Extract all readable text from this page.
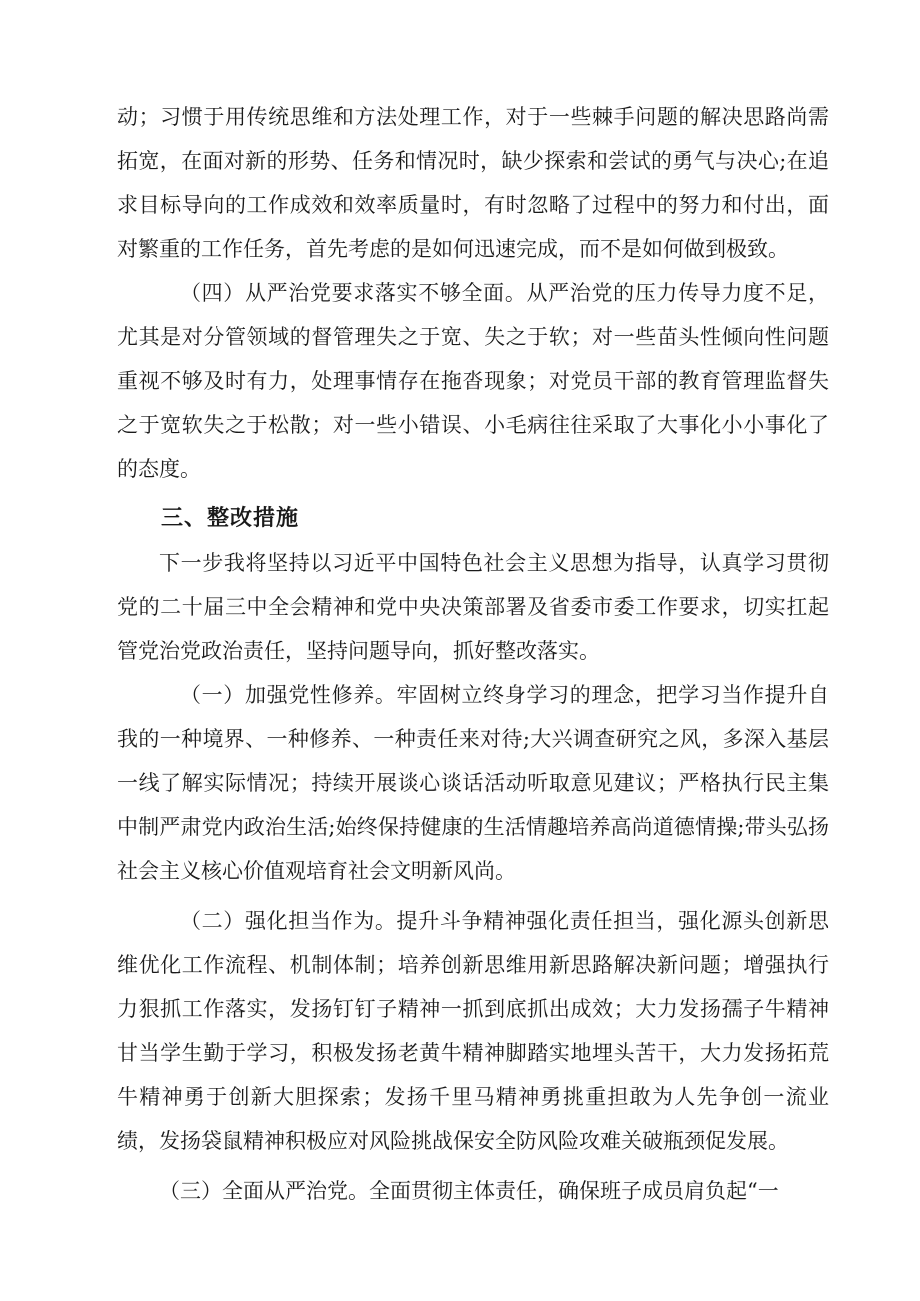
动；习惯于用传统思维和方法处理工作，对于一些棘手问题的解决思路尚需拓宽，在面对新的形势、任务和情况时，缺少探索和尝试的勇气与决心;在追求目标导向的工作成效和效率质量时，有时忽略了过程中的努力和付出，面对繁重的工作任务，首先考虑的是如何迅速完成，而不是如何做到极致。

（四）从严治党要求落实不够全面。从严治党的压力传导力度不足，尤其是对分管领域的督管理失之于宽、失之于软；对一些苗头性倾向性问题重视不够及时有力，处理事情存在拖沓现象；对党员干部的教育管理监督失之于宽软失之于松散；对一些小错误、小毛病往往采取了大事化小小事化了的态度。

三、整改措施

下一步我将坚持以习近平中国特色社会主义思想为指导，认真学习贯彻党的二十届三中全会精神和党中央决策部署及省委市委工作要求，切实扛起管党治党政治责任，坚持问题导向，抓好整改落实。

（一）加强党性修养。牢固树立终身学习的理念，把学习当作提升自我的一种境界、一种修养、一种责任来对待;大兴调查研究之风，多深入基层一线了解实际情况；持续开展谈心谈话活动听取意见建议；严格执行民主集中制严肃党内政治生活;始终保持健康的生活情趣培养高尚道德情操;带头弘扬社会主义核心价值观培育社会文明新风尚。

（二）强化担当作为。提升斗争精神强化责任担当，强化源头创新思维优化工作流程、机制体制；培养创新思维用新思路解决新问题；增强执行力狠抓工作落实，发扬钉钉子精神一抓到底抓出成效；大力发扬孺子牛精神甘当学生勤于学习，积极发扬老黄牛精神脚踏实地埋头苦干，大力发扬拓荒牛精神勇于创新大胆探索；发扬千里马精神勇挑重担敢为人先争创一流业绩，发扬袋鼠精神积极应对风险挑战保安全防风险攻难关破瓶颈促发展。

（三）全面从严治党。全面贯彻主体责任，确保班子成员肩负起“一
